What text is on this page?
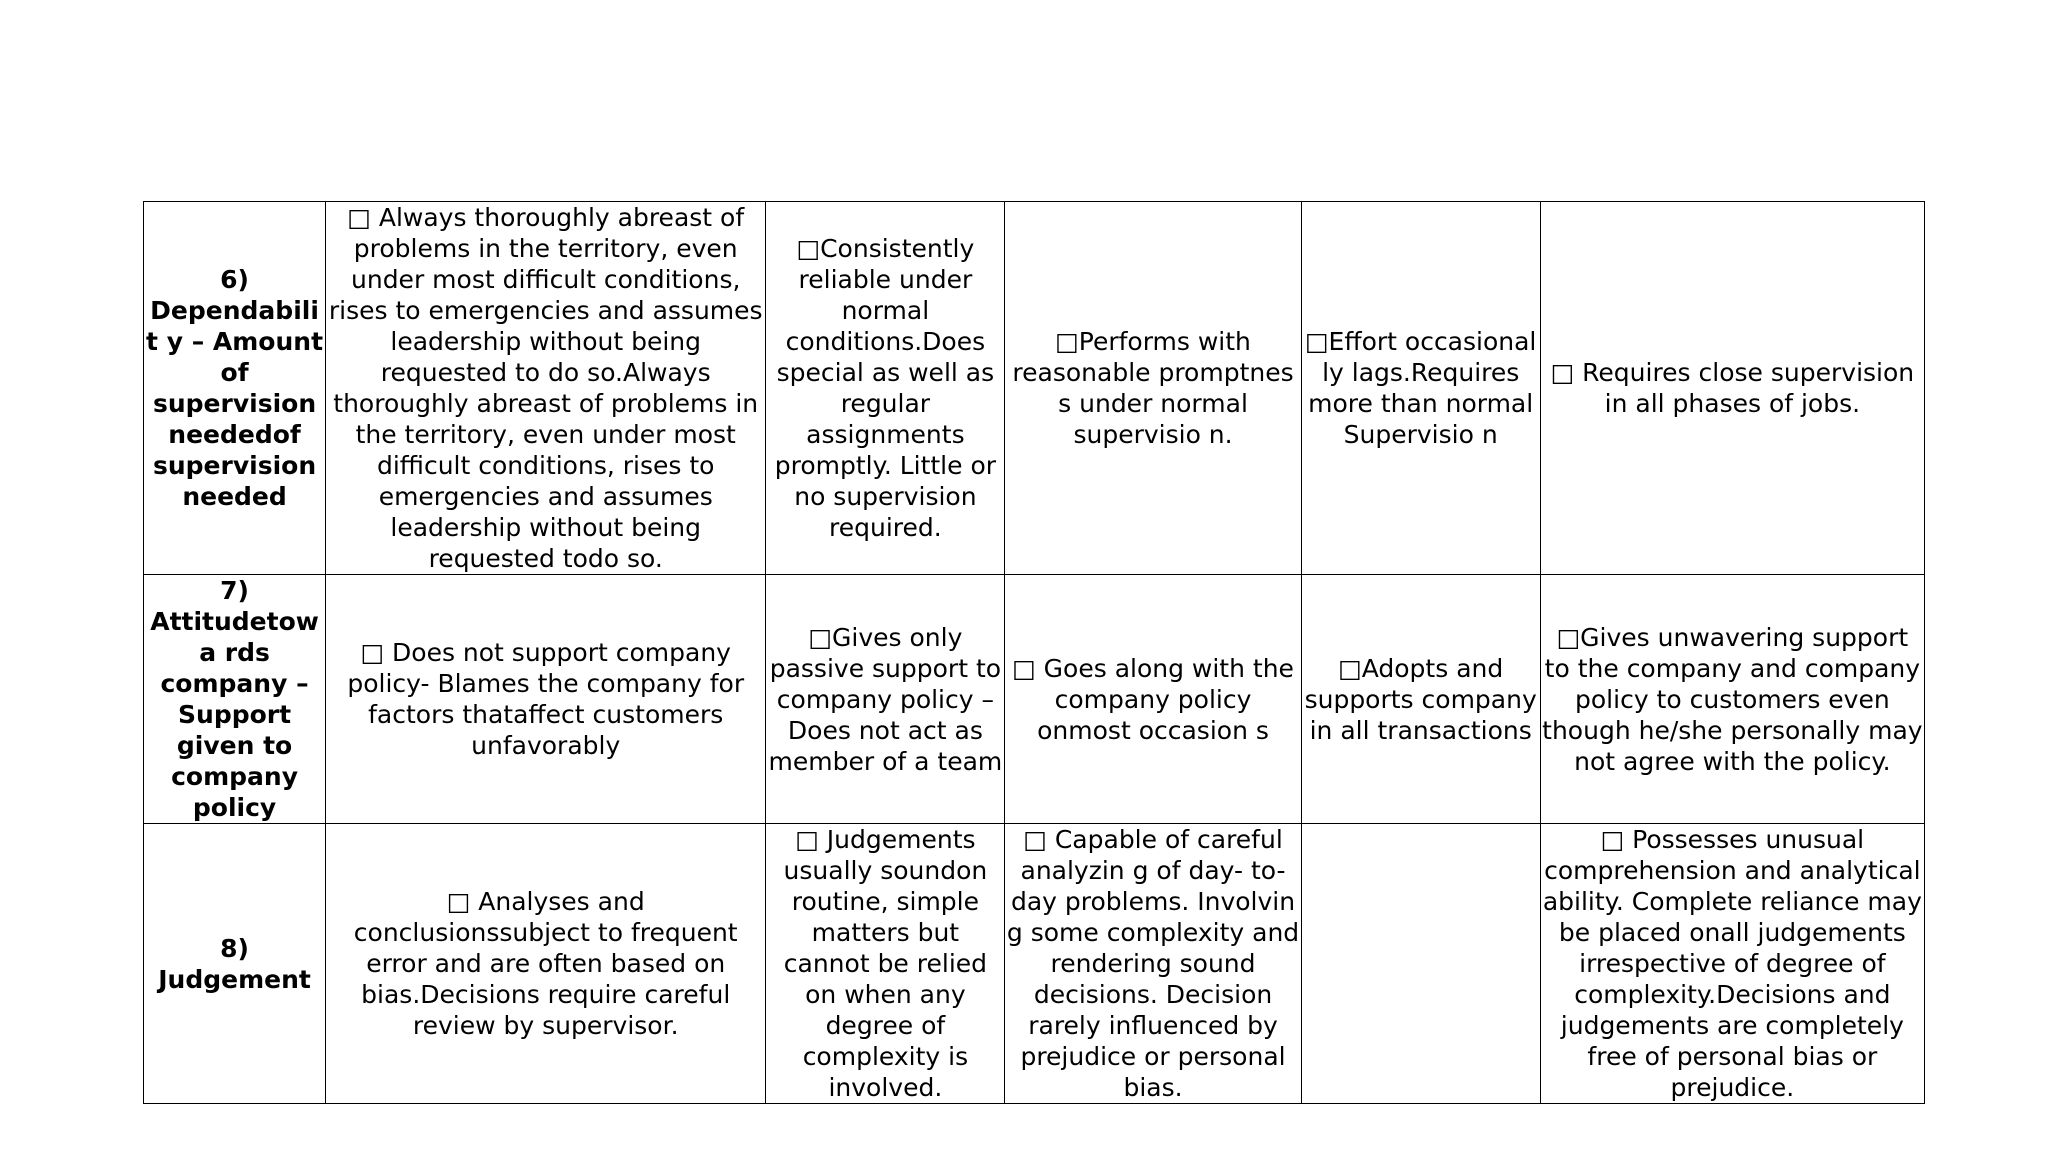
6) Dependabilit y – Amount of supervision neededof supervision needed	□ Always thoroughly abreast of problems in the territory, even under most difficult conditions, rises to emergencies and assumes leadership without being requested to do so.Always thoroughly abreast of problems in the territory, even under most difficult conditions, rises to emergencies and assumes leadership without being requested todo so.	□Consistently reliable under normal conditions.Does special as well as regular assignments promptly. Little or no supervision required.	□Performs with reasonable promptnes s under normal supervisio n.	□Effort occasional ly lags.Requires more than normal Supervisio n	□ Requires close supervision in all phases of jobs.
7) Attitudetowa rds company – Support given to company policy	□ Does not support company policy- Blames the company for factors thataffect customers unfavorably	□Gives only passive support to company policy – Does not act as member of a team	□ Goes along with the company policy onmost occasion s	□Adopts and supports company in all transactions	□Gives unwavering support to the company and company policy to customers even though he/she personally may not agree with the policy.
8) Judgement	□ Analyses and conclusionssubject to frequent error and are often based on bias.Decisions require careful review by supervisor.	□ Judgements usually soundon routine, simple matters but cannot be relied on when any degree of complexity is involved.	□ Capable of careful analyzin g of day- to-day problems. Involvin g some complexity and rendering sound decisions. Decision rarely influenced by prejudice or personal bias.		□ Possesses unusual comprehension and analytical ability. Complete reliance may be placed onall judgements irrespective of degree of complexity.Decisions and judgements are completely free of personal bias or prejudice.
